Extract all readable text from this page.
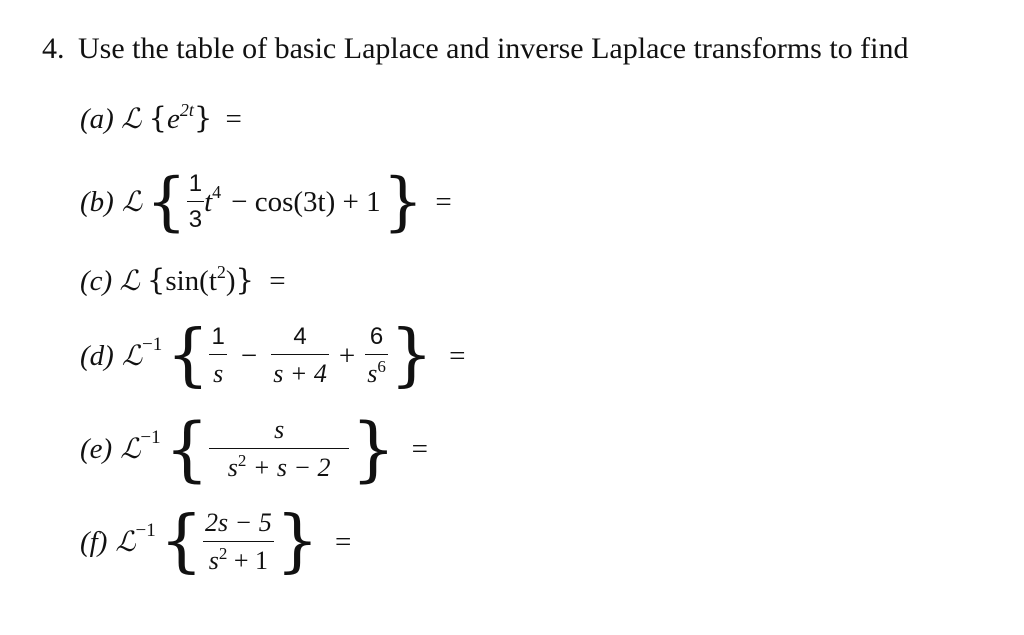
4. Use the table of basic Laplace and inverse Laplace transforms to find
(a) ℒ $\{e^{2t}\}$ =
(b) ℒ { $\frac{1}{3}$ t 4 − cos(3t) + 1 } =
(c) ℒ $\{\sin(t^2)\}$ =
(d) ℒ −1 { $\frac{1}{s} - \frac{4}{s + 4} + \frac{6}{s^6}$ } =
(e) ℒ −1 { $\frac{s}{s^2 + s - 2}$ } =
(f) ℒ −1 { $\frac{2s - 5}{s^2 + 1}$ } =
